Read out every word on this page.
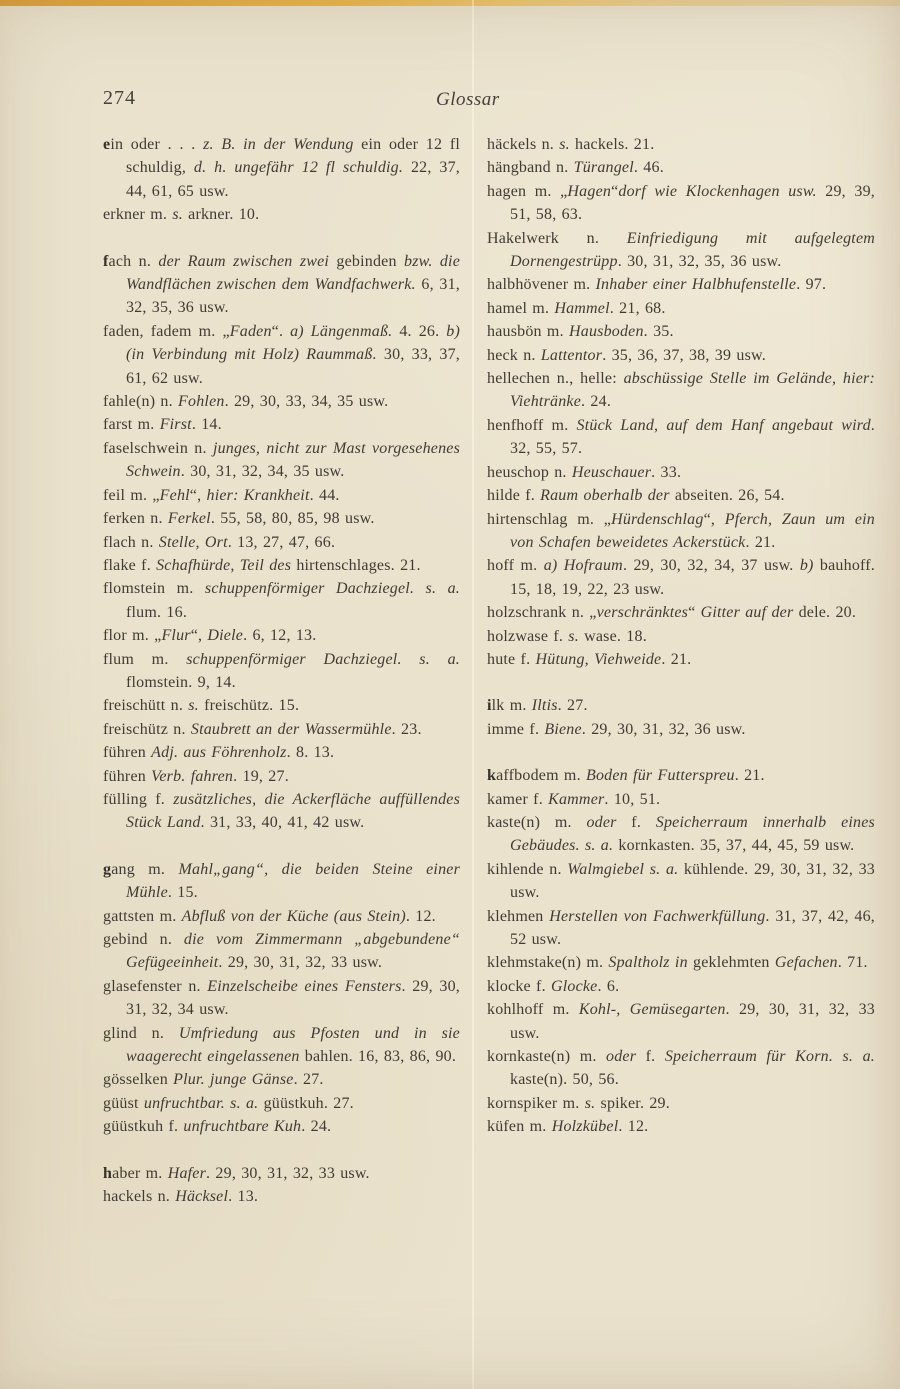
274	Glossar

ein oder . . . z. B. in der Wendung ein oder 12 fl schuldig, d. h. ungefähr 12 fl schuldig. 22, 37, 44, 61, 65 usw.

erkner m. s. arkner. 10.

fach n. der Raum zwischen zwei gebinden bzw. die Wandflächen zwischen dem Wandfachwerk. 6, 31, 32, 35, 36 usw.

faden, fadem m. „Faden“. a) Längenmaß. 4. 26. b) (in Verbindung mit Holz) Raummaß. 30, 33, 37, 61, 62 usw.

fahle(n) n. Fohlen. 29, 30, 33, 34, 35 usw.

farst m. First. 14.

faselschwein n. junges, nicht zur Mast vorgesehenes Schwein. 30, 31, 32, 34, 35 usw.

feil m. „Fehl“, hier: Krankheit. 44.

ferken n. Ferkel. 55, 58, 80, 85, 98 usw.

flach n. Stelle, Ort. 13, 27, 47, 66.

flake f. Schafhürde, Teil des hirtenschlages. 21.

flomstein m. schuppenförmiger Dachziegel. s. a. flum. 16.

flor m. „Flur“, Diele. 6, 12, 13.

flum m. schuppenförmiger Dachziegel. s. a. flomstein. 9, 14.

freischütt n. s. freischütz. 15.

freischütz n. Staubrett an der Wassermühle. 23.

führen Adj. aus Föhrenholz. 8. 13.

führen Verb. fahren. 19, 27.

fülling f. zusätzliches, die Ackerfläche auffüllendes Stück Land. 31, 33, 40, 41, 42 usw.

gang m. Mahl„gang“, die beiden Steine einer Mühle. 15.

gattsten m. Abfluß von der Küche (aus Stein). 12.

gebind n. die vom Zimmermann „abgebundene“ Gefügeeinheit. 29, 30, 31, 32, 33 usw.

glasefenster n. Einzelscheibe eines Fensters. 29, 30, 31, 32, 34 usw.

glind n. Umfriedung aus Pfosten und in sie waagerecht eingelassenen bahlen. 16, 83, 86, 90.

gösselken Plur. junge Gänse. 27.

güüst unfruchtbar. s. a. güüstkuh. 27.

güüstkuh f. unfruchtbare Kuh. 24.

haber m. Hafer. 29, 30, 31, 32, 33 usw.

hackels n. Häcksel. 13.

häckels n. s. hackels. 21.

hängband n. Türangel. 46.

hagen m. „Hagen“dorf wie Klockenhagen usw. 29, 39, 51, 58, 63.

Hakelwerk n. Einfriedigung mit aufgelegtem Dornengestrüpp. 30, 31, 32, 35, 36 usw.

halbhövener m. Inhaber einer Halbhufenstelle. 97.

hamel m. Hammel. 21, 68.

hausbön m. Hausboden. 35.

heck n. Lattentor. 35, 36, 37, 38, 39 usw.

hellechen n., helle: abschüssige Stelle im Gelände, hier: Viehtränke. 24.

henfhoff m. Stück Land, auf dem Hanf angebaut wird. 32, 55, 57.

heuschop n. Heuschauer. 33.

hilde f. Raum oberhalb der abseiten. 26, 54.

hirtenschlag m. „Hürdenschlag“, Pferch, Zaun um ein von Schafen beweidetes Ackerstück. 21.

hoff m. a) Hofraum. 29, 30, 32, 34, 37 usw. b) bauhoff. 15, 18, 19, 22, 23 usw.

holzschrank n. „verschränktes“ Gitter auf der dele. 20.

holzwase f. s. wase. 18.

hute f. Hütung, Viehweide. 21.

ilk m. Iltis. 27.

imme f. Biene. 29, 30, 31, 32, 36 usw.

kaffbodem m. Boden für Futterspreu. 21.

kamer f. Kammer. 10, 51.

kaste(n) m. oder f. Speicherraum innerhalb eines Gebäudes. s. a. kornkasten. 35, 37, 44, 45, 59 usw.

kihlende n. Walmgiebel s. a. kühlende. 29, 30, 31, 32, 33 usw.

klehmen Herstellen von Fachwerkfüllung. 31, 37, 42, 46, 52 usw.

klehmstake(n) m. Spaltholz in geklehmten Gefachen. 71.

klocke f. Glocke. 6.

kohlhoff m. Kohl-, Gemüsegarten. 29, 30, 31, 32, 33 usw.

kornkaste(n) m. oder f. Speicherraum für Korn. s. a. kaste(n). 50, 56.

kornspiker m. s. spiker. 29.

küfen m. Holzkübel. 12.
